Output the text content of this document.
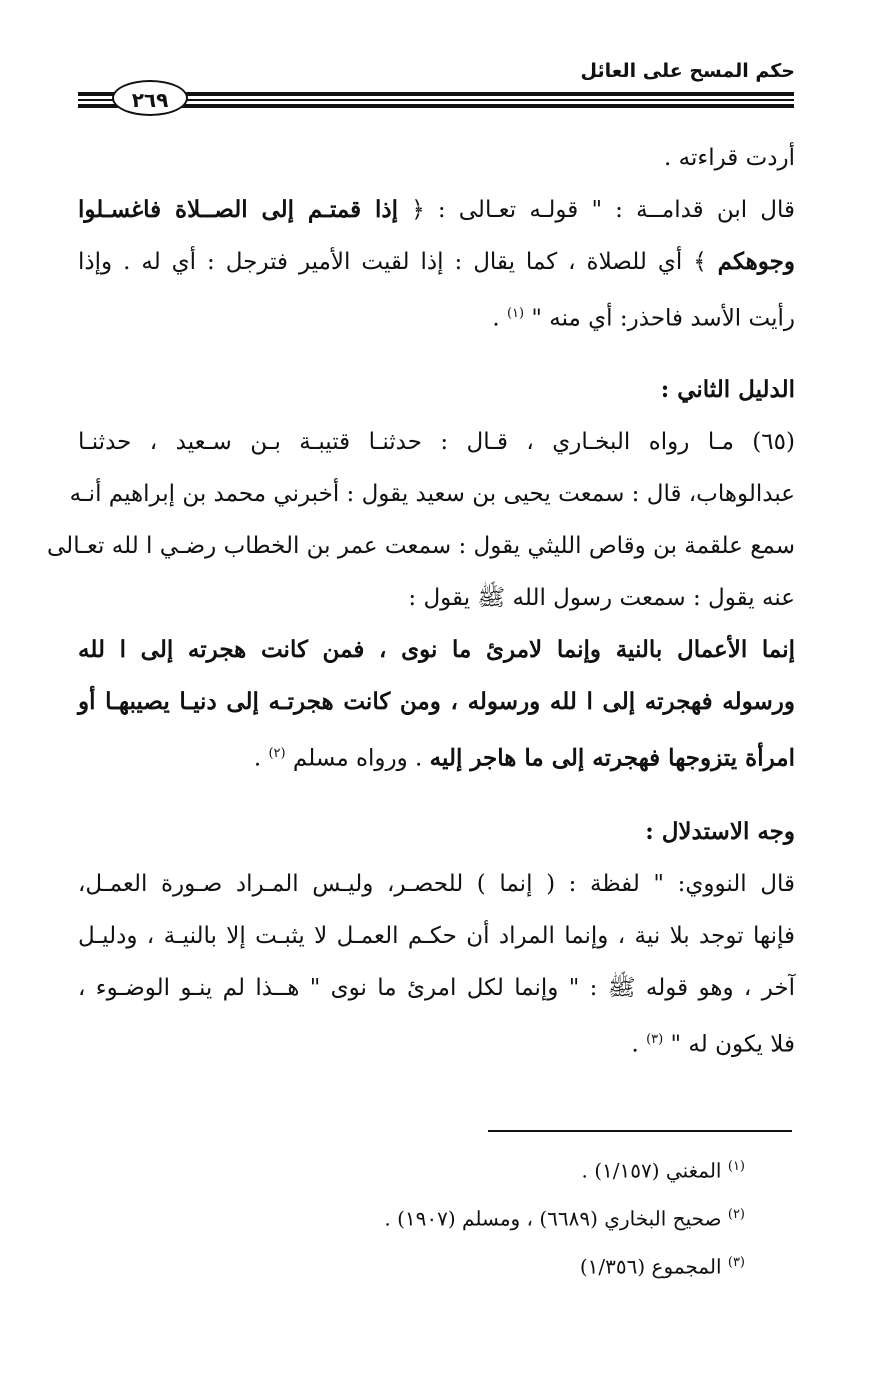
حكم المسح على العائل
٢٦٩
أردت قراءته .
قال ابن قدامــة : " قولـه تعـالى : ﴿ إذا قمتـم إلى الصــلاة فاغسـلوا
وجوهكم ﴾ أي للصلاة ، كما يقال : إذا لقيت الأمير فترجل : أي له . وإذا
رأيت الأسد فاحذر: أي منه " $^{(١)}$ .
الدليل الثاني :
(٦٥) مـا رواه البخـاري ، قـال : حدثنـا قتيبـة بـن سـعيد ، حدثنـا
عبدالوهاب، قال : سمعت يحيى بن سعيد يقول : أخبرني محمد بن إبراهيم أنـه
سمع علقمة بن وقاص الليثي يقول : سمعت عمر بن الخطاب رضـي ا لله تعـالى
عنه يقول : سمعت رسول الله ﷺ يقول :
إنما الأعمال بالنية وإنما لامرئ ما نوى ، فمن كانت هجرته إلى ا لله
ورسوله فهجرته إلى ا لله ورسوله ، ومن كانت هجرتـه إلى دنيـا يصيبهـا أو
امرأة يتزوجها فهجرته إلى ما هاجر إليه . ورواه مسلم $^{(٢)}$ .
وجه الاستدلال :
قال النووي: " لفظة : ( إنما ) للحصـر، وليـس المـراد صـورة العمـل،
فإنها توجد بلا نية ، وإنما المراد أن حكـم العمـل لا يثبـت إلا بالنيـة ، ودليـل
آخر ، وهو قوله ﷺ : " وإنما لكل امرئ ما نوى " هــذا لم ينـو الوضـوء ،
فلا يكون له " $^{(٣)}$ .
$^{(١)}$ المغني (١/١٥٧) .
$^{(٢)}$ صحيح البخاري (٦٦٨٩) ، ومسلم (١٩٠٧) .
$^{(٣)}$ المجموع (١/٣٥٦)
